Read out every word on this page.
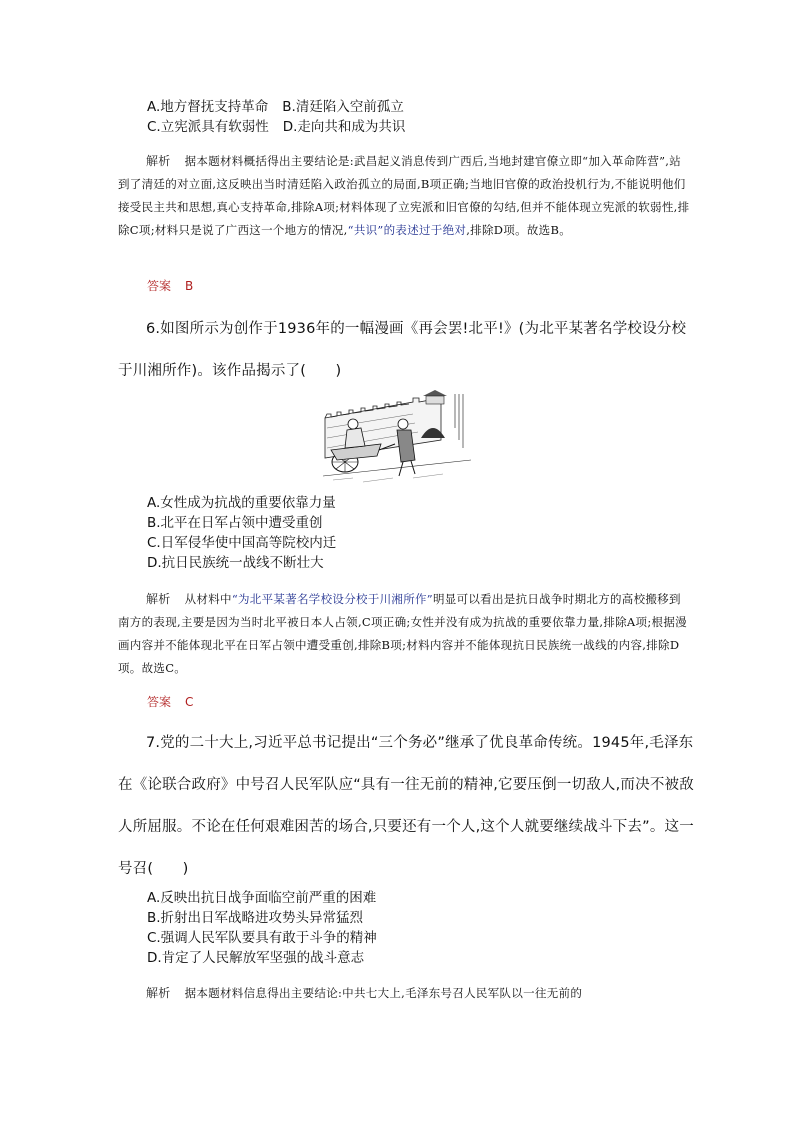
A.地方督抚支持革命 B.清廷陷入空前孤立
C.立宪派具有软弱性 D.走向共和成为共识
解析 据本题材料概括得出主要结论是:武昌起义消息传到广西后,当地封建官僚立即“加入革命阵营”,站到了清廷的对立面,这反映出当时清廷陷入政治孤立的局面,B项正确;当地旧官僚的政治投机行为,不能说明他们接受民主共和思想,真心支持革命,排除A项;材料体现了立宪派和旧官僚的勾结,但并不能体现立宪派的软弱性,排除C项;材料只是说了广西这一个地方的情况,“共识”的表述过于绝对,排除D项。故选B。
答案 B
6.如图所示为创作于1936年的一幅漫画《再会罢!北平!》(为北平某著名学校设分校于川湘所作)。该作品揭示了(　　)
A.女性成为抗战的重要依靠力量
B.北平在日军占领中遭受重创
C.日军侵华使中国高等院校内迁
D.抗日民族统一战线不断壮大
解析 从材料中“为北平某著名学校设分校于川湘所作”明显可以看出是抗日战争时期北方的高校搬移到南方的表现,主要是因为当时北平被日本人占领,C项正确;女性并没有成为抗战的重要依靠力量,排除A项;根据漫画内容并不能体现北平在日军占领中遭受重创,排除B项;材料内容并不能体现抗日民族统一战线的内容,排除D项。故选C。
答案 C
7.党的二十大上,习近平总书记提出“三个务必”继承了优良革命传统。1945年,毛泽东在《论联合政府》中号召人民军队应“具有一往无前的精神,它要压倒一切敌人,而决不被敌人所屈服。不论在任何艰难困苦的场合,只要还有一个人,这个人就要继续战斗下去”。这一号召(　　)
A.反映出抗日战争面临空前严重的困难
B.折射出日军战略进攻势头异常猛烈
C.强调人民军队要具有敢于斗争的精神
D.肯定了人民解放军坚强的战斗意志
解析 据本题材料信息得出主要结论:中共七大上,毛泽东号召人民军队以一往无前的
